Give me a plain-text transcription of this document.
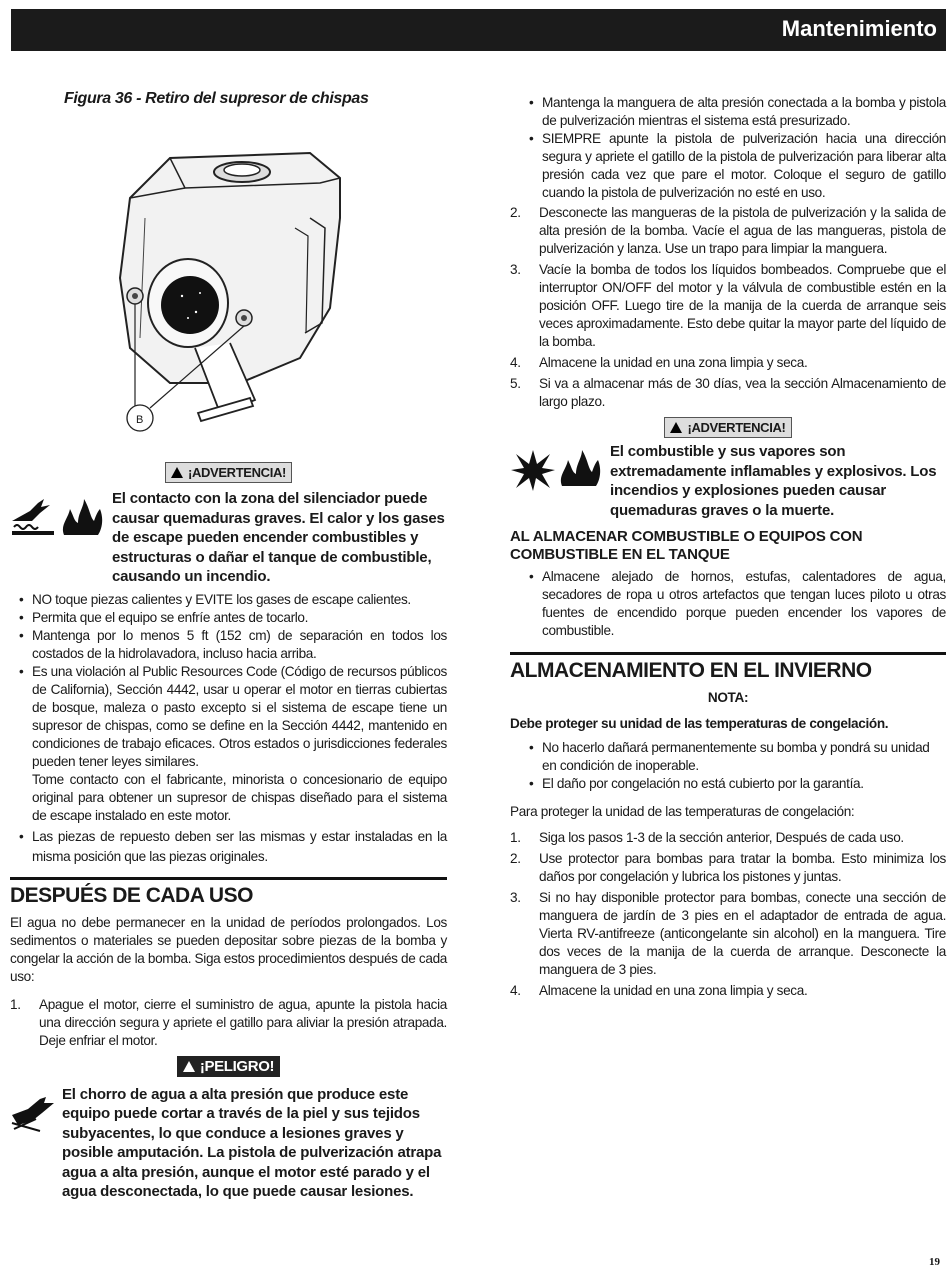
Mantenimiento
Figura 36 - Retiro del supresor de chispas
B
¡ADVERTENCIA!
El contacto con la zona del silenciador puede causar quemaduras graves. El calor y los gases de escape pueden encender combustibles y estructuras o dañar el tanque de combustible, causando un incendio.
• NO toque piezas calientes y EVITE los gases de escape calientes.
• Permita que el equipo se enfríe antes de tocarlo.
• Mantenga por lo menos 5 ft (152 cm) de separación en todos los costados de la hidrolavadora, incluso hacia arriba.
• Es una violación al Public Resources Code (Código de recursos públicos de California), Sección 4442, usar u operar el motor en tierras cubiertas de bosque, maleza o pasto excepto si el sistema de escape tiene un supresor de chispas, como se define en la Sección 4442, mantenido en condiciones de trabajo eficaces. Otros estados o jurisdicciones federales pueden tener leyes similares.
Tome contacto con el fabricante, minorista o concesionario de equipo original para obtener un supresor de chispas diseñado para el sistema de escape instalado en este motor.
• Las piezas de repuesto deben ser las mismas y estar instaladas en la misma posición que las piezas originales.
DESPUÉS DE CADA USO

El agua no debe permanecer en la unidad de períodos prolongados. Los sedimentos o materiales se pueden depositar sobre piezas de la bomba y congelar la acción de la bomba. Siga estos procedimientos después de cada uso:

1. Apague el motor, cierre el suministro de agua, apunte la pistola hacia una dirección segura y apriete el gatillo para aliviar la presión atrapada. Deje enfriar el motor.
¡PELIGRO!
El chorro de agua a alta presión que produce este equipo puede cortar a través de la piel y sus tejidos subyacentes, lo que conduce a lesiones graves y posible amputación. La pistola de pulverización atrapa agua a alta presión, aunque el motor esté parado y el agua desconectada, lo que puede causar lesiones.
• Mantenga la manguera de alta presión conectada a la bomba y pistola de pulverización mientras el sistema está presurizado.
• SIEMPRE apunte la pistola de pulverización hacia una dirección segura y apriete el gatillo de la pistola de pulverización para liberar alta presión cada vez que pare el motor. Coloque el seguro de gatillo cuando la pistola de pulverización no esté en uso.
2. Desconecte las mangueras de la pistola de pulverización y la salida de alta presión de la bomba. Vacíe el agua de las mangueras, pistola de pulverización y lanza. Use un trapo para limpiar la manguera.
3. Vacíe la bomba de todos los líquidos bombeados. Compruebe que el interruptor ON/OFF del motor y la válvula de combustible estén en la posición OFF. Luego tire de la manija de la cuerda de arranque seis veces aproximadamente. Esto debe quitar la mayor parte del líquido de la bomba.
4. Almacene la unidad en una zona limpia y seca.
5. Si va a almacenar más de 30 días, vea la sección Almacenamiento de largo plazo.
¡ADVERTENCIA!
El combustible y sus vapores son extremadamente inflamables y explosivos. Los incendios y explosiones pueden causar quemaduras graves o la muerte.
AL ALMACENAR COMBUSTIBLE O EQUIPOS CON COMBUSTIBLE EN EL TANQUE
• Almacene alejado de hornos, estufas, calentadores de agua, secadores de ropa u otros artefactos que tengan luces piloto u otras fuentes de encendido porque pueden encender los vapores de combustible.
ALMACENAMIENTO EN EL INVIERNO
NOTA:
Debe proteger su unidad de las temperaturas de congelación.
• No hacerlo dañará permanentemente su bomba y pondrá su unidad en condición de inoperable.
• El daño por congelación no está cubierto por la garantía.

Para proteger la unidad de las temperaturas de congelación:

1. Siga los pasos 1-3 de la sección anterior, Después de cada uso.
2. Use protector para bombas para tratar la bomba. Esto minimiza los daños por congelación y lubrica los pistones y juntas.
3. Si no hay disponible protector para bombas, conecte una sección de manguera de jardín de 3 pies en el adaptador de entrada de agua. Vierta RV-antifreeze (anticongelante sin alcohol) en la manguera. Tire dos veces de la manija de la cuerda de arranque. Desconecte la manguera de 3 pies.
4. Almacene la unidad en una zona limpia y seca.
19
